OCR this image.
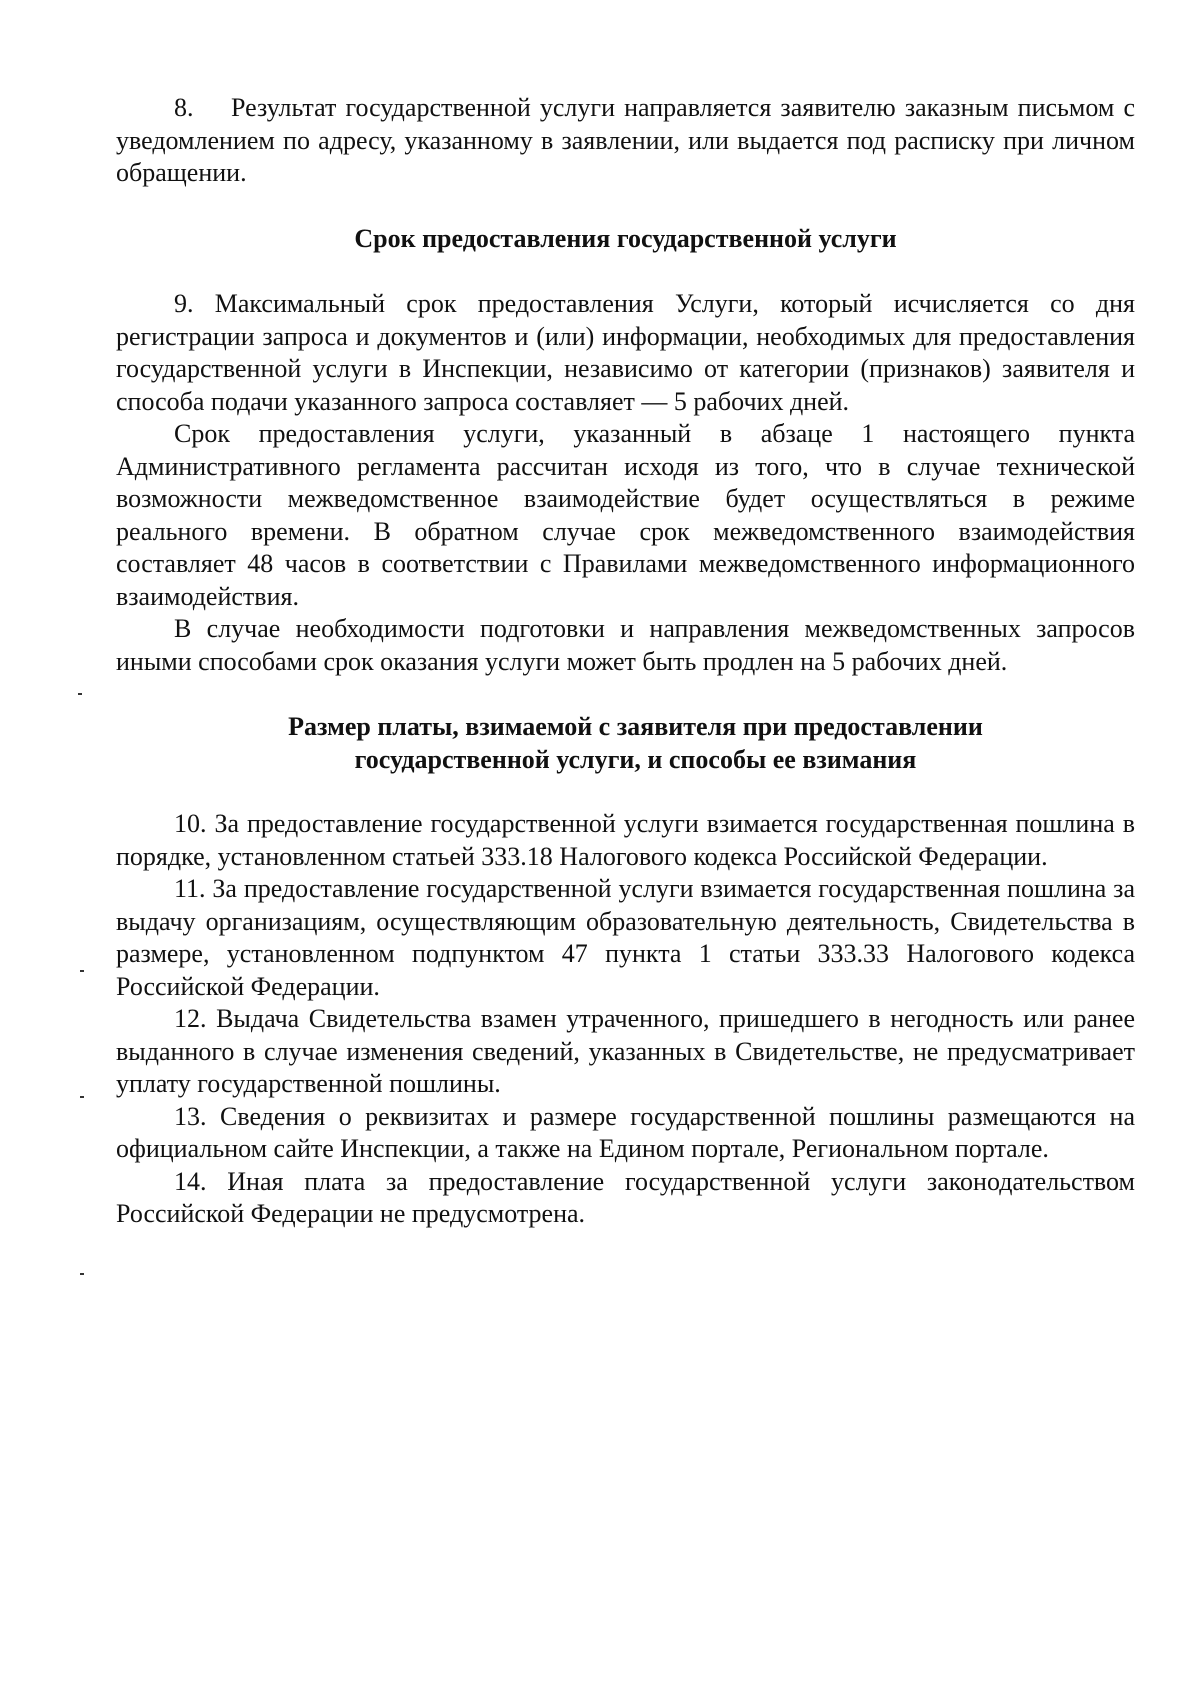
8. Результат государственной услуги направляется заявителю заказным письмом с уведомлением по адресу, указанному в заявлении, или выдается под расписку при личном обращении.

Срок предоставления государственной услуги

9. Максимальный срок предоставления Услуги, который исчисляется со дня регистрации запроса и документов и (или) информации, необходимых для предоставления государственной услуги в Инспекции, независимо от категории (признаков) заявителя и способа подачи указанного запроса составляет — 5 рабочих дней.

Срок предоставления услуги, указанный в абзаце 1 настоящего пункта Административного регламента рассчитан исходя из того, что в случае технической возможности межведомственное взаимодействие будет осуществляться в режиме реального времени. В обратном случае срок межведомственного взаимодействия составляет 48 часов в соответствии с Правилами межведомственного информационного взаимодействия.

В случае необходимости подготовки и направления межведомственных запросов иными способами срок оказания услуги может быть продлен на 5 рабочих дней.

Размер платы, взимаемой с заявителя при предоставлении
государственной услуги, и способы ее взимания

10. За предоставление государственной услуги взимается государственная пошлина в порядке, установленном статьей 333.18 Налогового кодекса Российской Федерации.

11. За предоставление государственной услуги взимается государственная пошлина за выдачу организациям, осуществляющим образовательную деятельность, Свидетельства в размере, установленном подпунктом 47 пункта 1 статьи 333.33 Налогового кодекса Российской Федерации.

12. Выдача Свидетельства взамен утраченного, пришедшего в негодность или ранее выданного в случае изменения сведений, указанных в Свидетельстве, не предусматривает уплату государственной пошлины.

13. Сведения о реквизитах и размере государственной пошлины размещаются на официальном сайте Инспекции, а также на Едином портале, Региональном портале.

14. Иная плата за предоставление государственной услуги законодательством Российской Федерации не предусмотрена.
